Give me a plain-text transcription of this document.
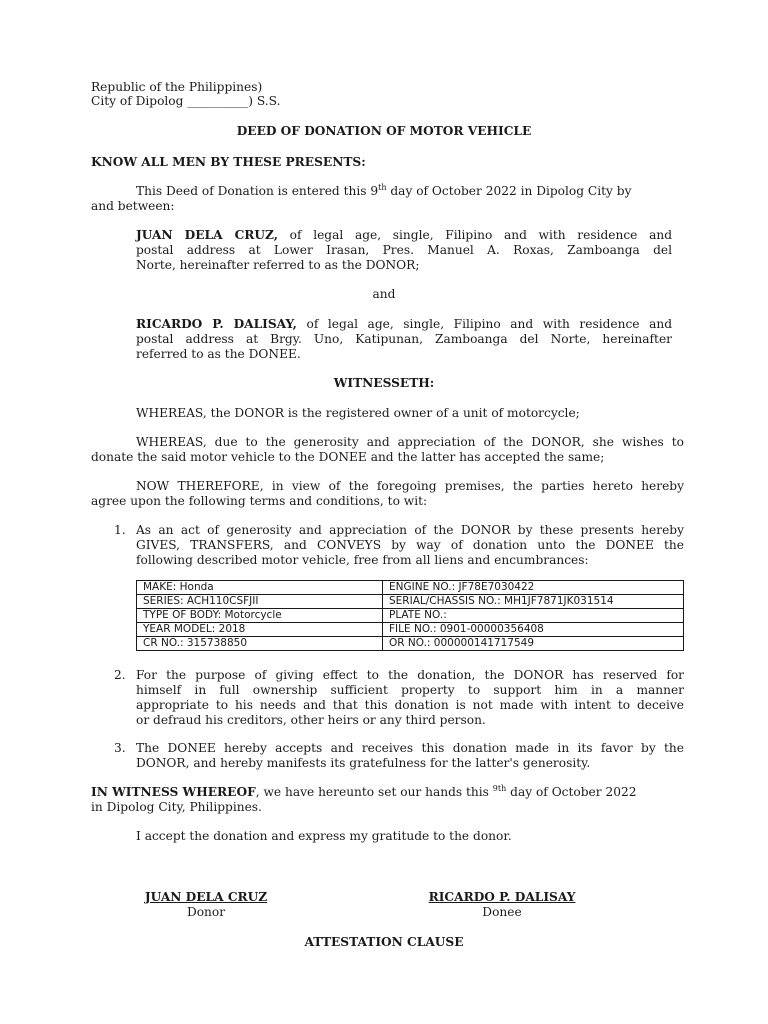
Republic of the Philippines)
City of Dipolog __________) S.S.
DEED OF DONATION OF MOTOR VEHICLE
KNOW ALL MEN BY THESE PRESENTS:
This Deed of Donation is entered this 9th day of October 2022 in Dipolog City by
and between:
JUAN DELA CRUZ, of legal age, single, Filipino and with residence and
postal address at Lower Irasan, Pres. Manuel A. Roxas, Zamboanga del
Norte, hereinafter referred to as the DONOR;
and
RICARDO P. DALISAY, of legal age, single, Filipino and with residence and
postal address at Brgy. Uno, Katipunan, Zamboanga del Norte, hereinafter
referred to as the DONEE.
WITNESSETH:
WHEREAS, the DONOR is the registered owner of a unit of motorcycle;
WHEREAS, due to the generosity and appreciation of the DONOR, she wishes to
donate the said motor vehicle to the DONEE and the latter has accepted the same;
NOW THEREFORE, in view of the foregoing premises, the parties hereto hereby
agree upon the following terms and conditions, to wit:
1. As an act of generosity and appreciation of the DONOR by these presents hereby
GIVES, TRANSFERS, and CONVEYS by way of donation unto the DONEE the
following described motor vehicle, free from all liens and encumbrances:
MAKE: Honda	ENGINE NO.: JF78E7030422
SERIES: ACH110CSFJII	SERIAL/CHASSIS NO.: MH1JF7871JK031514
TYPE OF BODY: Motorcycle	PLATE NO.:
YEAR MODEL: 2018	FILE NO.: 0901-00000356408
CR NO.: 315738850	OR NO.: 000000141717549
2. For the purpose of giving effect to the donation, the DONOR has reserved for
himself in full ownership sufficient property to support him in a manner
appropriate to his needs and that this donation is not made with intent to deceive
or defraud his creditors, other heirs or any third person.
3. The DONEE hereby accepts and receives this donation made in its favor by the
DONOR, and hereby manifests its gratefulness for the latter's generosity.
IN WITNESS WHEREOF, we have hereunto set our hands this $^{9th}$ day of October 2022
in Dipolog City, Philippines.
I accept the donation and express my gratitude to the donor.
JUAN DELA CRUZ
Donor
RICARDO P. DALISAY
Donee
ATTESTATION CLAUSE
